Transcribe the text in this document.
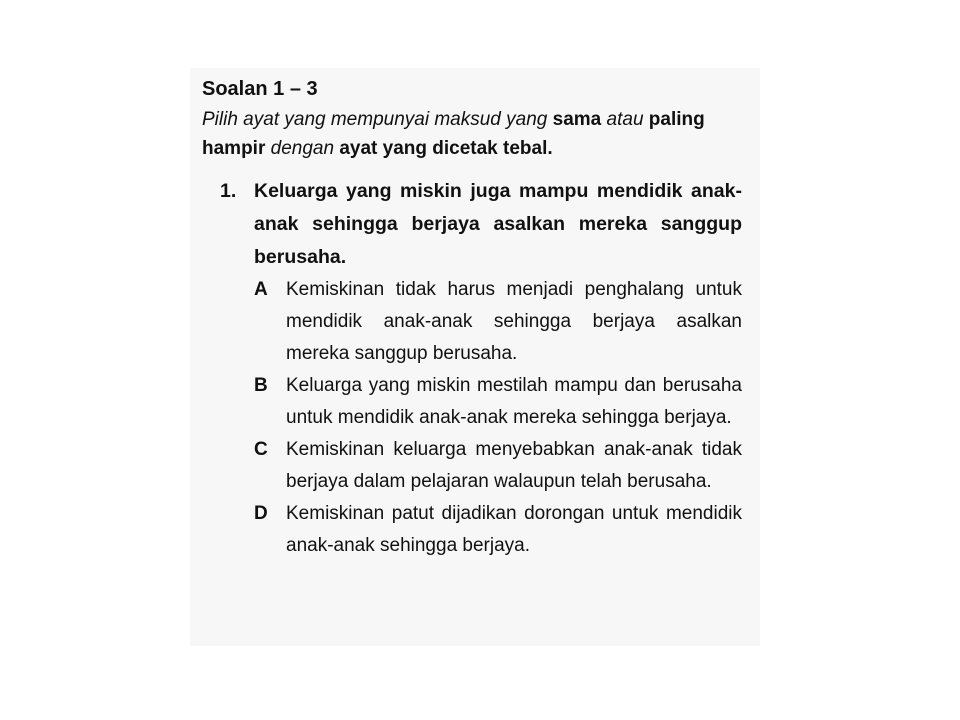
Soalan 1 – 3
Pilih ayat yang mempunyai maksud yang sama atau paling hampir dengan ayat yang dicetak tebal.
1. Keluarga yang miskin juga mampu mendidik anak-anak sehingga berjaya asalkan mereka sanggup berusaha.
A Kemiskinan tidak harus menjadi penghalang untuk mendidik anak-anak sehingga berjaya asalkan mereka sanggup berusaha.
B Keluarga yang miskin mestilah mampu dan berusaha untuk mendidik anak-anak mereka sehingga berjaya.
C Kemiskinan keluarga menyebabkan anak-anak tidak berjaya dalam pelajaran walaupun telah berusaha.
D Kemiskinan patut dijadikan dorongan untuk mendidik anak-anak sehingga berjaya.
